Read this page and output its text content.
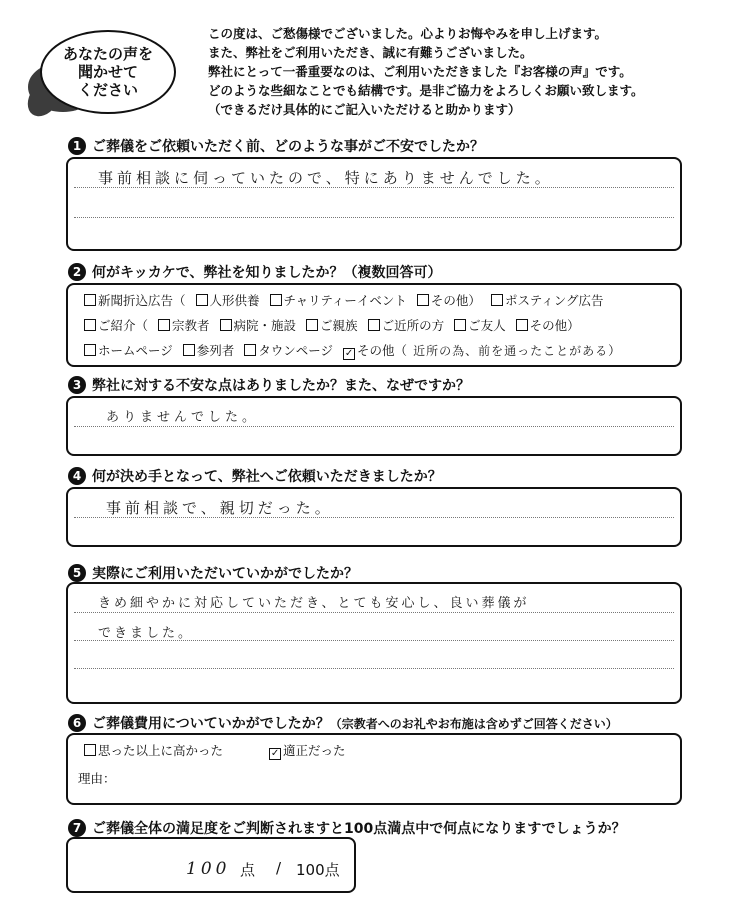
あなたの声を
聞かせて
ください
この度は、ご愁傷様でございました。心よりお悔やみを申し上げます。
また、弊社をご利用いただき、誠に有難うございました。
弊社にとって一番重要なのは、ご利用いただきました『お客様の声』です。
どのような些細なことでも結構です。是非ご協力をよろしくお願い致します。
（できるだけ具体的にご記入いただけると助かります）
1 ご葬儀をご依頼いただく前、どのような事がご不安でしたか？
事前相談に伺っていたので、特にありませんでした。
2 何がキッカケで、弊社を知りましたか？（複数回答可）
新聞折込広告（	人形供養	チャリティーイベント	その他）	ポスティング広告
ご紹介（	宗教者	病院・施設	ご親族	ご近所の方	ご友人	その他）
ホームページ	参列者	タウンページ ✓ その他（ 近所の為、前を通ったことがある）
3 弊社に対する不安な点はありましたか？また、なぜですか？
ありませんでした。
4 何が決め手となって、弊社へご依頼いただきましたか？
事前相談で、親切だった。
5 実際にご利用いただいていかがでしたか？
きめ細やかに対応していただき、とても安心し、良い葬儀が
できました。
6 ご葬儀費用についていかがでしたか？ （宗教者へのお礼やお布施は含めずご回答ください）
思った以上に高かった	✓ 適正だった
理由：
7 ご葬儀全体の満足度をご判断されますと100点満点中で何点になりますでしょうか？
100 点 / 100点
